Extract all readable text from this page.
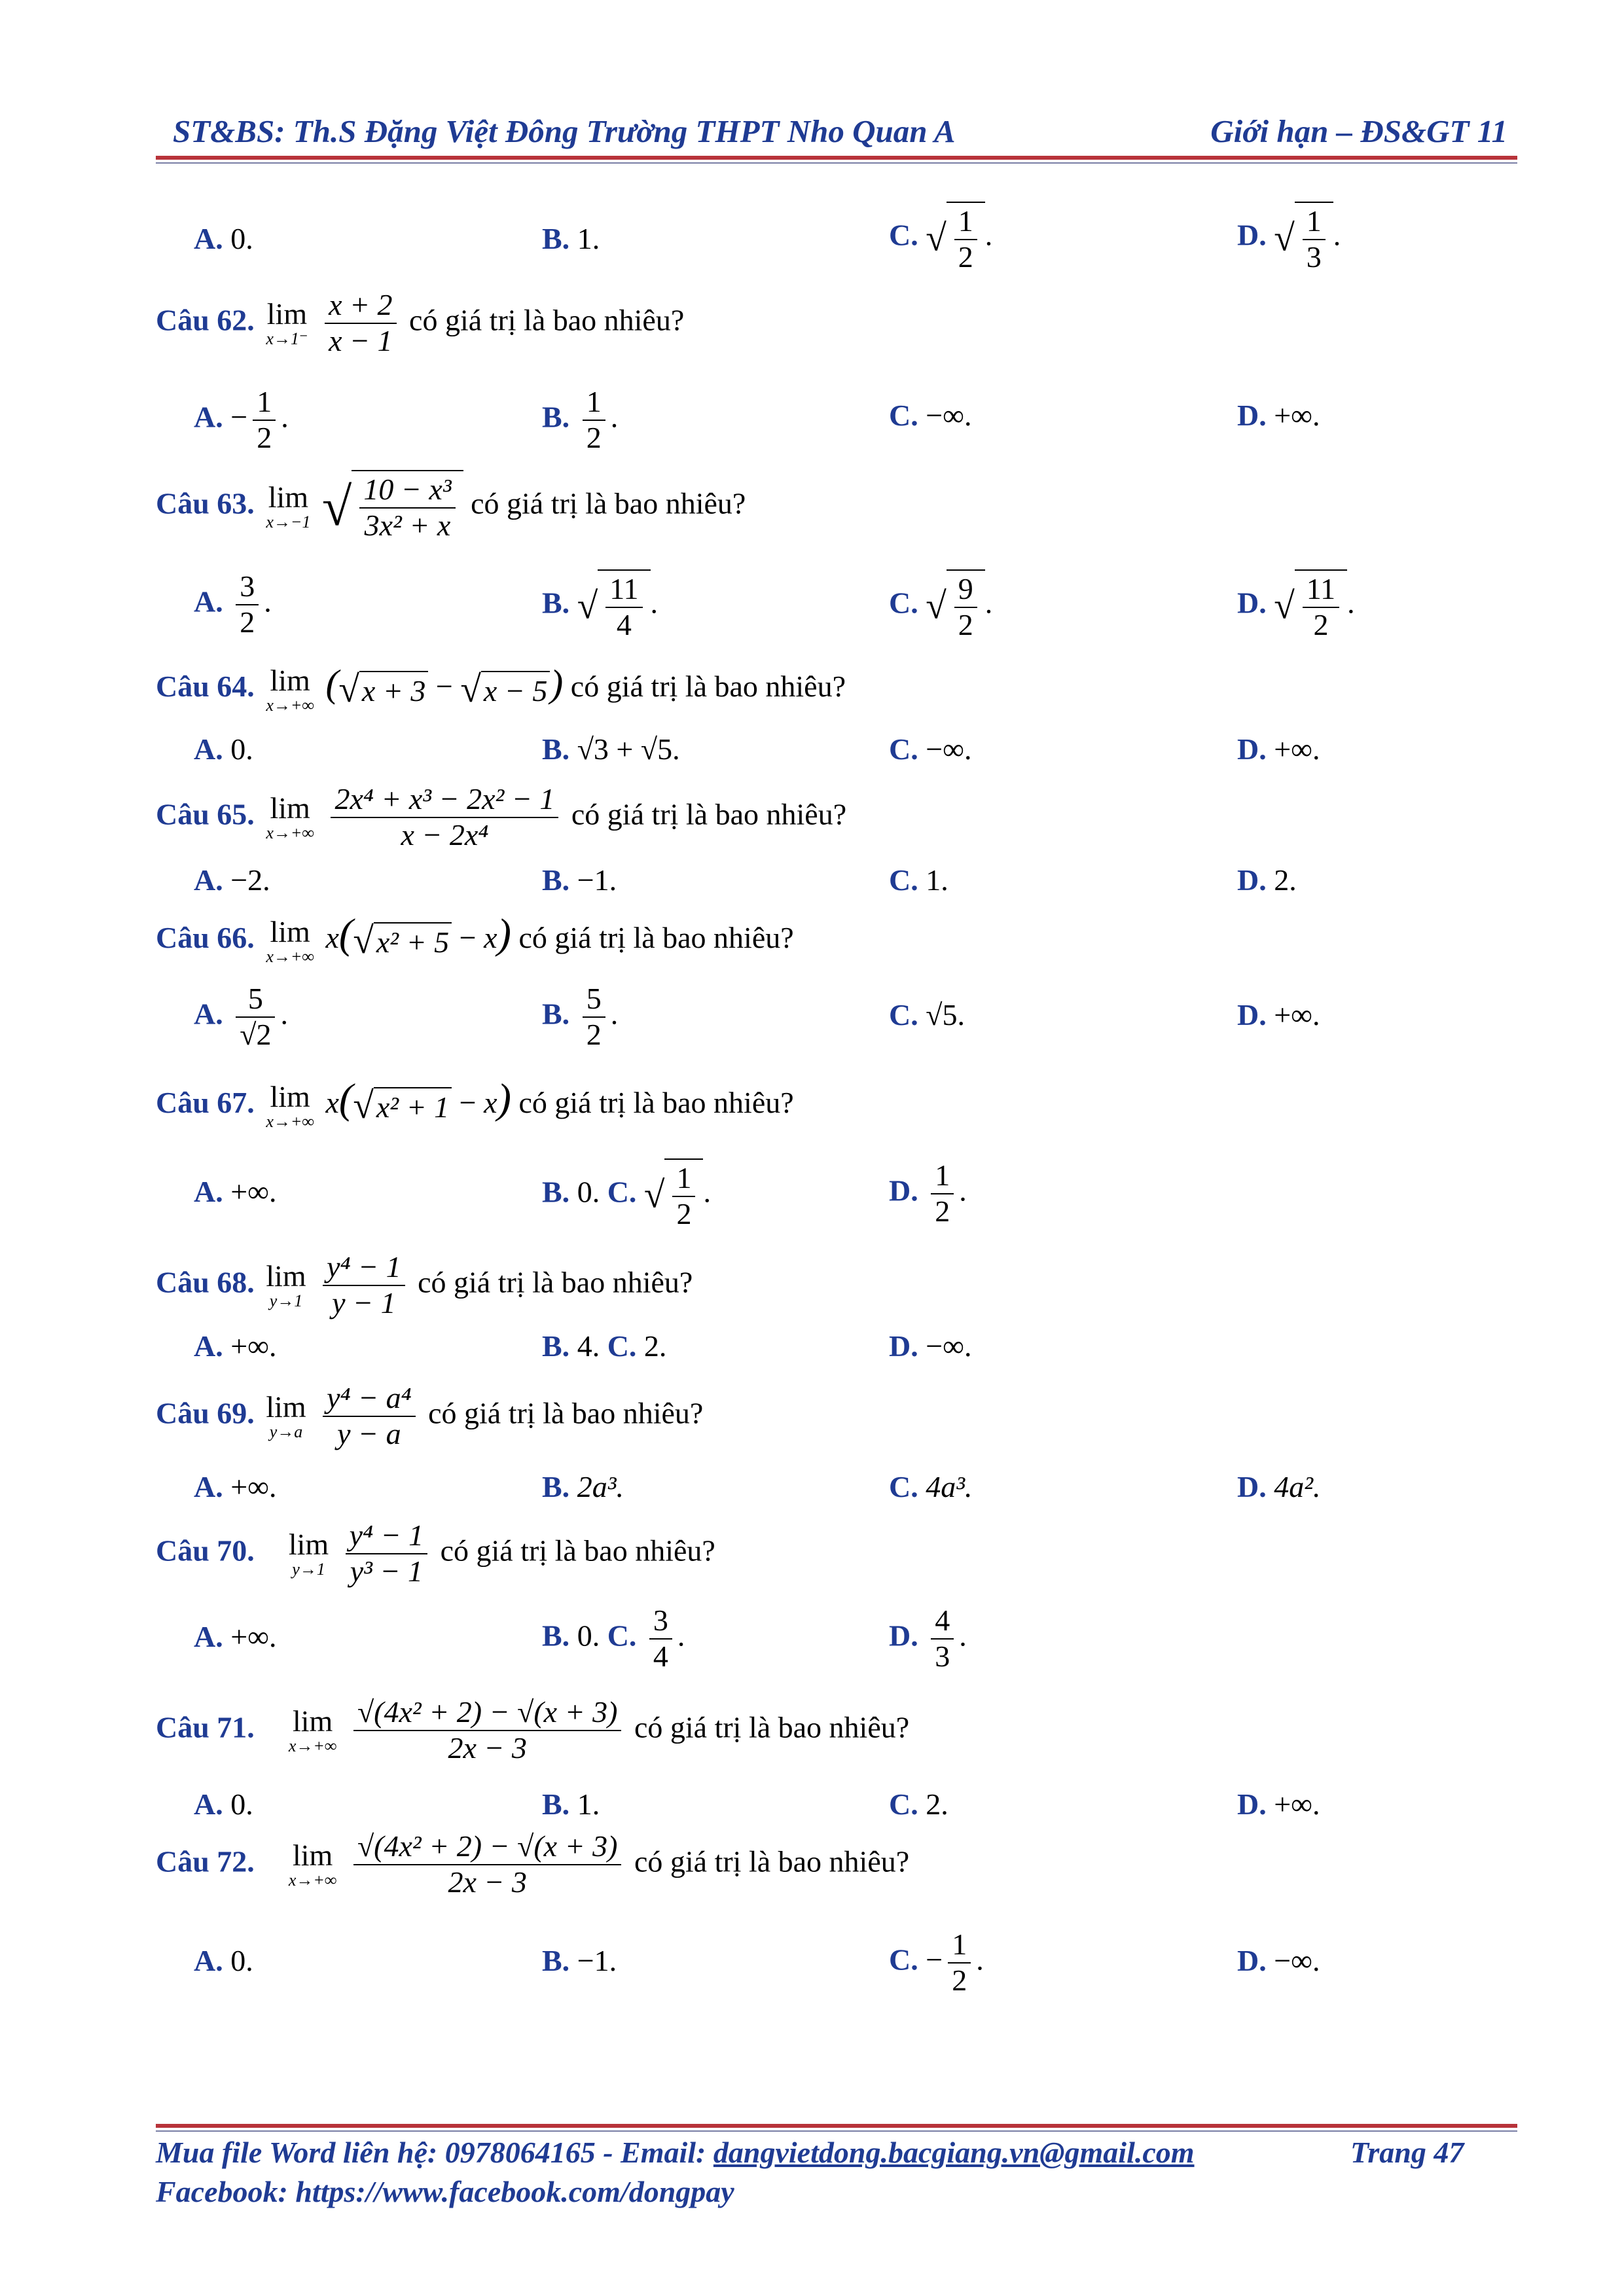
ST&BS: Th.S Đặng Việt Đông Trường THPT Nho Quan A	Giới hạn – ĐS&GT 11
A. 0.	B. 1.	C. √ $\frac{1}{2}$ .	D. √ $\frac{1}{3}$ .
Câu 62. lim
x→1⁻
$\frac{x + 2}{x - 1}$ có giá trị là bao nhiêu?
A. − $\frac{1}{2}$ .	B. $\frac{1}{2}$ .	C. −∞.	D. +∞.
Câu 63. lim
x→−1 √ $\frac{\text{10 − x³}}{\text{3x² + x}}$ có giá trị là bao nhiêu?
A. $\frac{3}{2}$ .	B. √ $\frac{11}{4}$ .	C. √ $\frac{9}{2}$ .	D. √ $\frac{11}{2}$ .
Câu 64. lim
x→+∞
(√x + 3 − √x − 5) có giá trị là bao nhiêu?
A. 0.	B. √3 + √5.	C. −∞.	D. +∞.
Câu 65. lim
x→+∞
$\frac{\text{2x⁴ + x³ − 2x² − 1}}{\text{x − 2x⁴}}$ có giá trị là bao nhiêu?
A. −2.	B. −1.	C. 1.	D. 2.
Câu 66. lim
x→+∞
x(√x² + 5 − x) có giá trị là bao nhiêu?
A. $\frac{5}{√2}$ .	B. $\frac{5}{2}$ .	C. √5.	D. +∞.
Câu 67. lim
x→+∞
x(√x² + 1 − x) có giá trị là bao nhiêu?
A. +∞.	B. 0. C. √ $\frac{1}{2}$ .	D. $\frac{1}{2}$ .
Câu 68. lim
y→1
$\frac{\text{y⁴ − 1}}{y - 1}$ có giá trị là bao nhiêu?
A. +∞.	B. 4. C. 2.	D. −∞.
Câu 69. lim
y→a
$\frac{\text{y⁴ − a⁴}}{y - a}$ có giá trị là bao nhiêu?
A. +∞.	B. 2a³.	C. 4a³.	D. 4a².
Câu 70. lim
y→1
$\frac{\text{y⁴ − 1}}{\text{y³ − 1}}$ có giá trị là bao nhiêu?
A. +∞.	B. 0. C. $\frac{3}{4}$ .	D. $\frac{4}{3}$ .
Câu 71. lim
x→+∞
$\frac{\text{√(4x² + 2) − √(x + 3)}}{2x - 3}$ có giá trị là bao nhiêu?
A. 0.	B. 1.	C. 2.	D. +∞.
Câu 72. lim
x→+∞
$\frac{\text{√(4x² + 2) − √(x + 3)}}{2x - 3}$ có giá trị là bao nhiêu?
A. 0.	B. −1.	C. − $\frac{1}{2}$ .	D. −∞.
Mua file Word liên hệ: 0978064165 - Email: dangvietdong.bacgiang.vn@gmail.com	Trang 47
Facebook: https://www.facebook.com/dongpay
